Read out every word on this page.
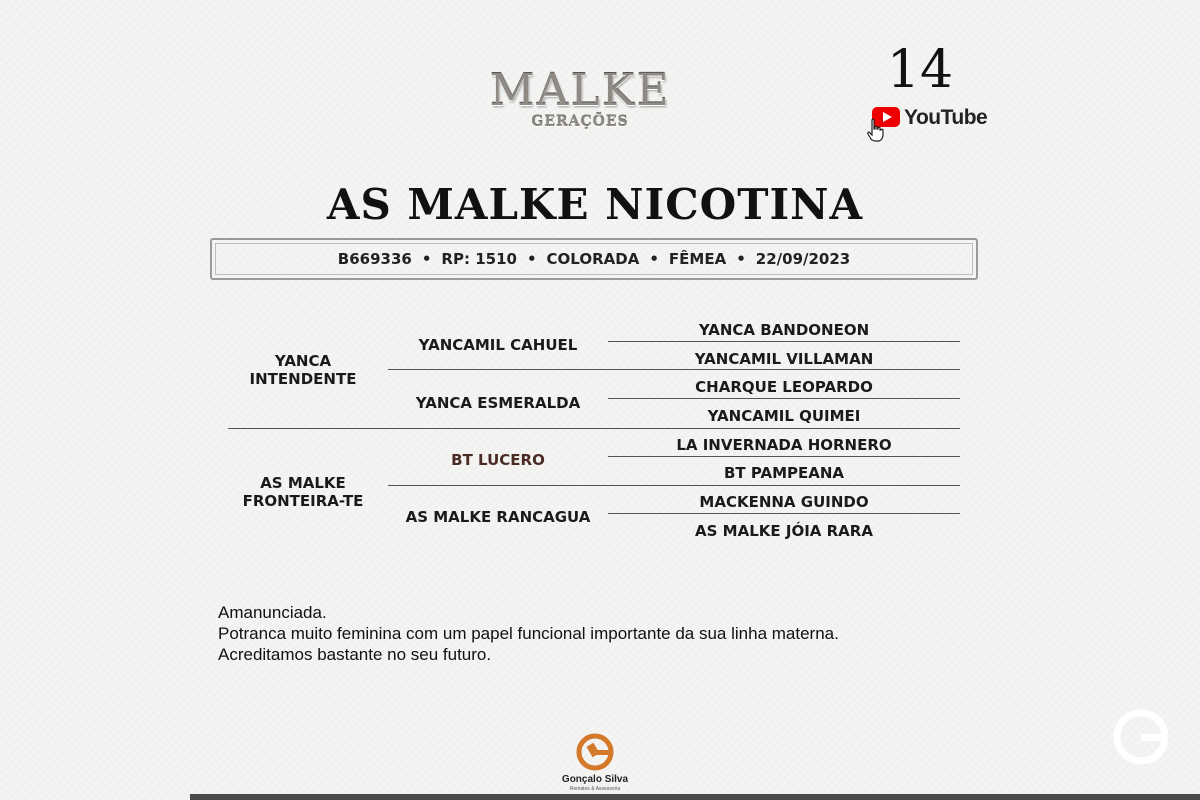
MALKE
GERAÇÕES
14
YouTube
AS MALKE NICOTINA
B669336 • RP:
1510 • COLORADA • FÊMEA • 22/09/2023
YANCA
INTENDENTE
AS MALKE
FRONTEIRA-TE
YANCAMIL CAHUEL
YANCA ESMERALDA
BT LUCERO
AS MALKE RANCAGUA
YANCA BANDONEON
YANCAMIL VILLAMAN
CHARQUE LEOPARDO
YANCAMIL QUIMEI
LA INVERNADA HORNERO
BT PAMPEANA
MACKENNA GUINDO
AS MALKE JÓIA RARA
Amanunciada.
Potranca muito feminina com um papel funcional importante da sua linha materna.
Acreditamos bastante no seu futuro.
Gonçalo Silva
Remates & Assessoria
